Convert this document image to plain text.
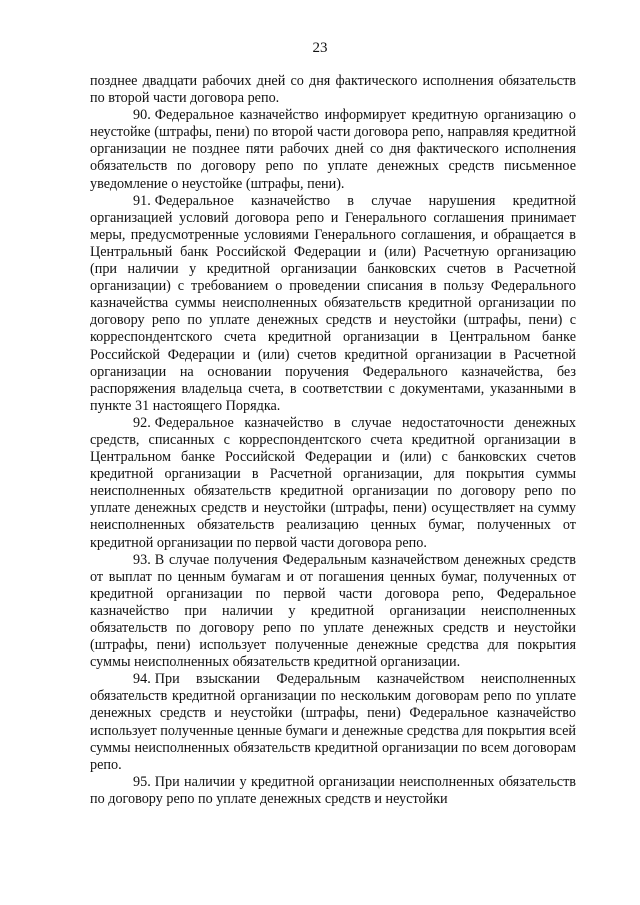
23

позднее двадцати рабочих дней со дня фактического исполнения обязательств по второй части договора репо.

90. Федеральное казначейство информирует кредитную организацию о неустойке (штрафы, пени) по второй части договора репо, направляя кредитной организации не позднее пяти рабочих дней со дня фактического исполнения обязательств по договору репо по уплате денежных средств письменное уведомление о неустойке (штрафы, пени).

91. Федеральное казначейство в случае нарушения кредитной организацией условий договора репо и Генерального соглашения принимает меры, предусмотренные условиями Генерального соглашения, и обращается в Центральный банк Российской Федерации и (или) Расчетную организацию (при наличии у кредитной организации банковских счетов в Расчетной организации) с требованием о проведении списания в пользу Федерального казначейства суммы неисполненных обязательств кредитной организации по договору репо по уплате денежных средств и неустойки (штрафы, пени) с корреспондентского счета кредитной организации в Центральном банке Российской Федерации и (или) счетов кредитной организации в Расчетной организации на основании поручения Федерального казначейства, без распоряжения владельца счета, в соответствии с документами, указанными в пункте 31 настоящего Порядка.

92. Федеральное казначейство в случае недостаточности денежных средств, списанных с корреспондентского счета кредитной организации в Центральном банке Российской Федерации и (или) с банковских счетов кредитной организации в Расчетной организации, для покрытия суммы неисполненных обязательств кредитной организации по договору репо по уплате денежных средств и неустойки (штрафы, пени) осуществляет на сумму неисполненных обязательств реализацию ценных бумаг, полученных от кредитной организации по первой части договора репо.

93. В случае получения Федеральным казначейством денежных средств от выплат по ценным бумагам и от погашения ценных бумаг, полученных от кредитной организации по первой части договора репо, Федеральное казначейство при наличии у кредитной организации неисполненных обязательств по договору репо по уплате денежных средств и неустойки (штрафы, пени) использует полученные денежные средства для покрытия суммы неисполненных обязательств кредитной организации.

94. При взыскании Федеральным казначейством неисполненных обязательств кредитной организации по нескольким договорам репо по уплате денежных средств и неустойки (штрафы, пени) Федеральное казначейство использует полученные ценные бумаги и денежные средства для покрытия всей суммы неисполненных обязательств кредитной организации по всем договорам репо.

95. При наличии у кредитной организации неисполненных обязательств по договору репо по уплате денежных средств и неустойки
